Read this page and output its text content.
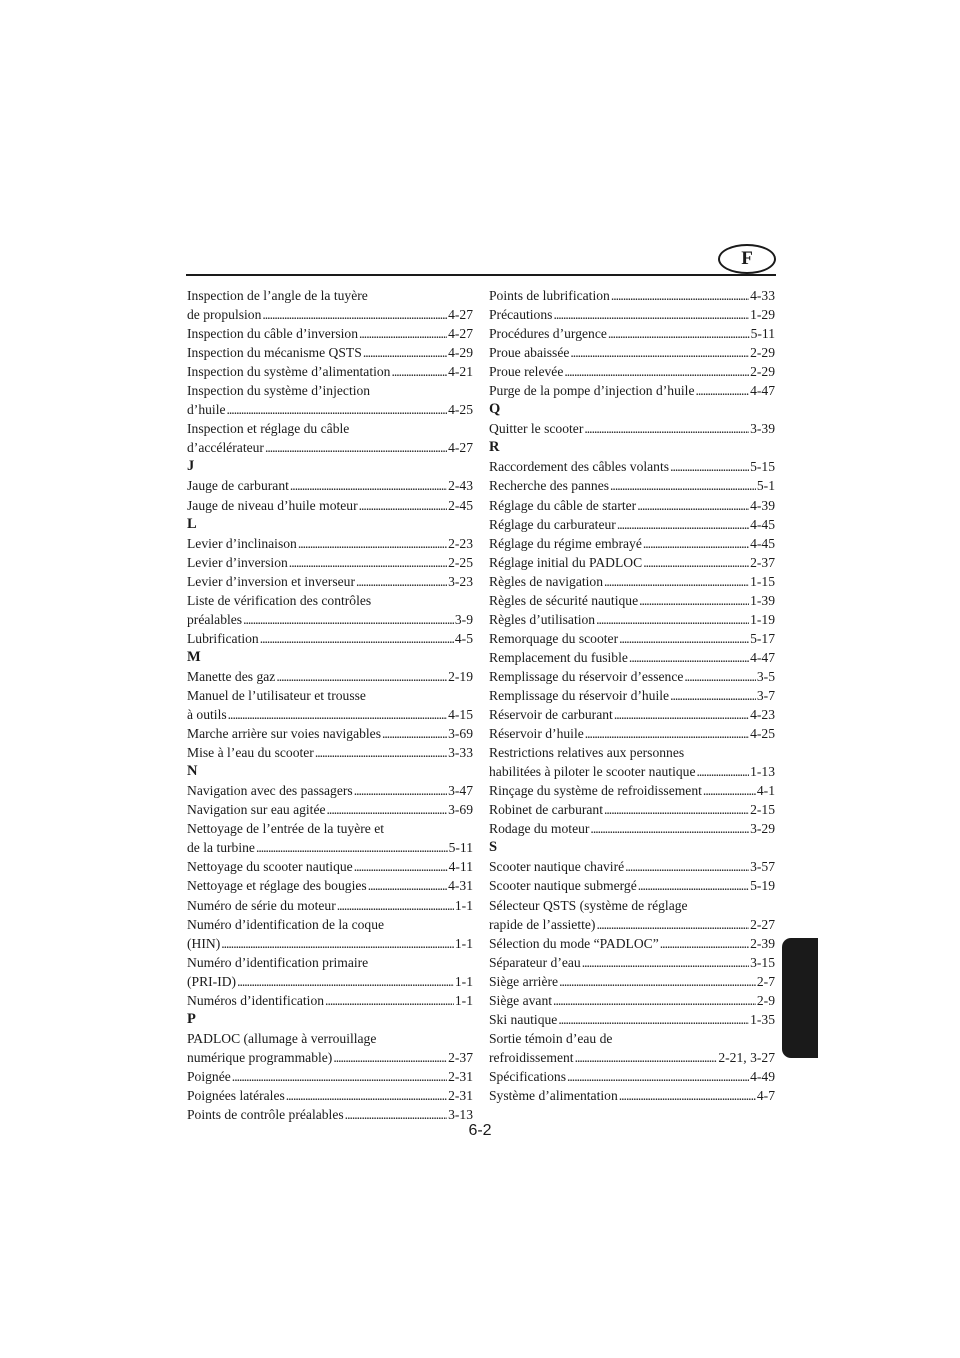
F
Inspection de l’angle de la tuyère
de propulsion . . .	4-27
Inspection du câble d’inversion . . .	4-27
Inspection du mécanisme QSTS . . .	4-29
Inspection du système d’alimentation . . .	4-21
Inspection du système d’injection
d’huile . . .	4-25
Inspection et réglage du câble
d’accélérateur . . .	4-27
J
Jauge de carburant . . .	2-43
Jauge de niveau d’huile moteur . . .	2-45
L
Levier d’inclinaison . . .	2-23
Levier d’inversion . . .	2-25
Levier d’inversion et inverseur . . .	3-23
Liste de vérification des contrôles
préalables . . .	3-9
Lubrification . . .	4-5
M
Manette des gaz . . .	2-19
Manuel de l’utilisateur et trousse
à outils . . .	4-15
Marche arrière sur voies navigables . . .	3-69
Mise à l’eau du scooter . . .	3-33
N
Navigation avec des passagers . . .	3-47
Navigation sur eau agitée . . .	3-69
Nettoyage de l’entrée de la tuyère et
de la turbine . . .	5-11
Nettoyage du scooter nautique . . .	4-11
Nettoyage et réglage des bougies . . .	4-31
Numéro de série du moteur . . .	1-1
Numéro d’identification de la coque
(HIN) . . .	1-1
Numéro d’identification primaire
(PRI-ID) . . .	1-1
Numéros d’identification . . .	1-1
P
PADLOC (allumage à verrouillage
numérique programmable) . . .	2-37
Poignée . . .	2-31
Poignées latérales . . .	2-31
Points de contrôle préalables . . .	3-13
Points de lubrification . . .	4-33
Précautions . . .	1-29
Procédures d’urgence . . .	5-11
Proue abaissée . . .	2-29
Proue relevée . . .	2-29
Purge de la pompe d’injection d’huile . . .	4-47
Q
Quitter le scooter . . .	3-39
R
Raccordement des câbles volants . . .	5-15
Recherche des pannes . . .	5-1
Réglage du câble de starter . . .	4-39
Réglage du carburateur . . .	4-45
Réglage du régime embrayé . . .	4-45
Réglage initial du PADLOC . . .	2-37
Règles de navigation . . .	1-15
Règles de sécurité nautique . . .	1-39
Règles d’utilisation . . .	1-19
Remorquage du scooter . . .	5-17
Remplacement du fusible . . .	4-47
Remplissage du réservoir d’essence . . .	3-5
Remplissage du réservoir d’huile . . .	3-7
Réservoir de carburant . . .	4-23
Réservoir d’huile . . .	4-25
Restrictions relatives aux personnes
habilitées à piloter le scooter nautique . . .	1-13
Rinçage du système de refroidissement . . .	4-1
Robinet de carburant . . .	2-15
Rodage du moteur . . .	3-29
S
Scooter nautique chaviré . . .	3-57
Scooter nautique submergé . . .	5-19
Sélecteur QSTS (système de réglage
rapide de l’assiette) . . .	2-27
Sélection du mode “PADLOC” . . .	2-39
Séparateur d’eau . . .	3-15
Siège arrière . . .	2-7
Siège avant . . .	2-9
Ski nautique . . .	1-35
Sortie témoin d’eau de
refroidissement . . .	2-21, 3-27
Spécifications . . .	4-49
Système d’alimentation . . .	4-7
6-2
